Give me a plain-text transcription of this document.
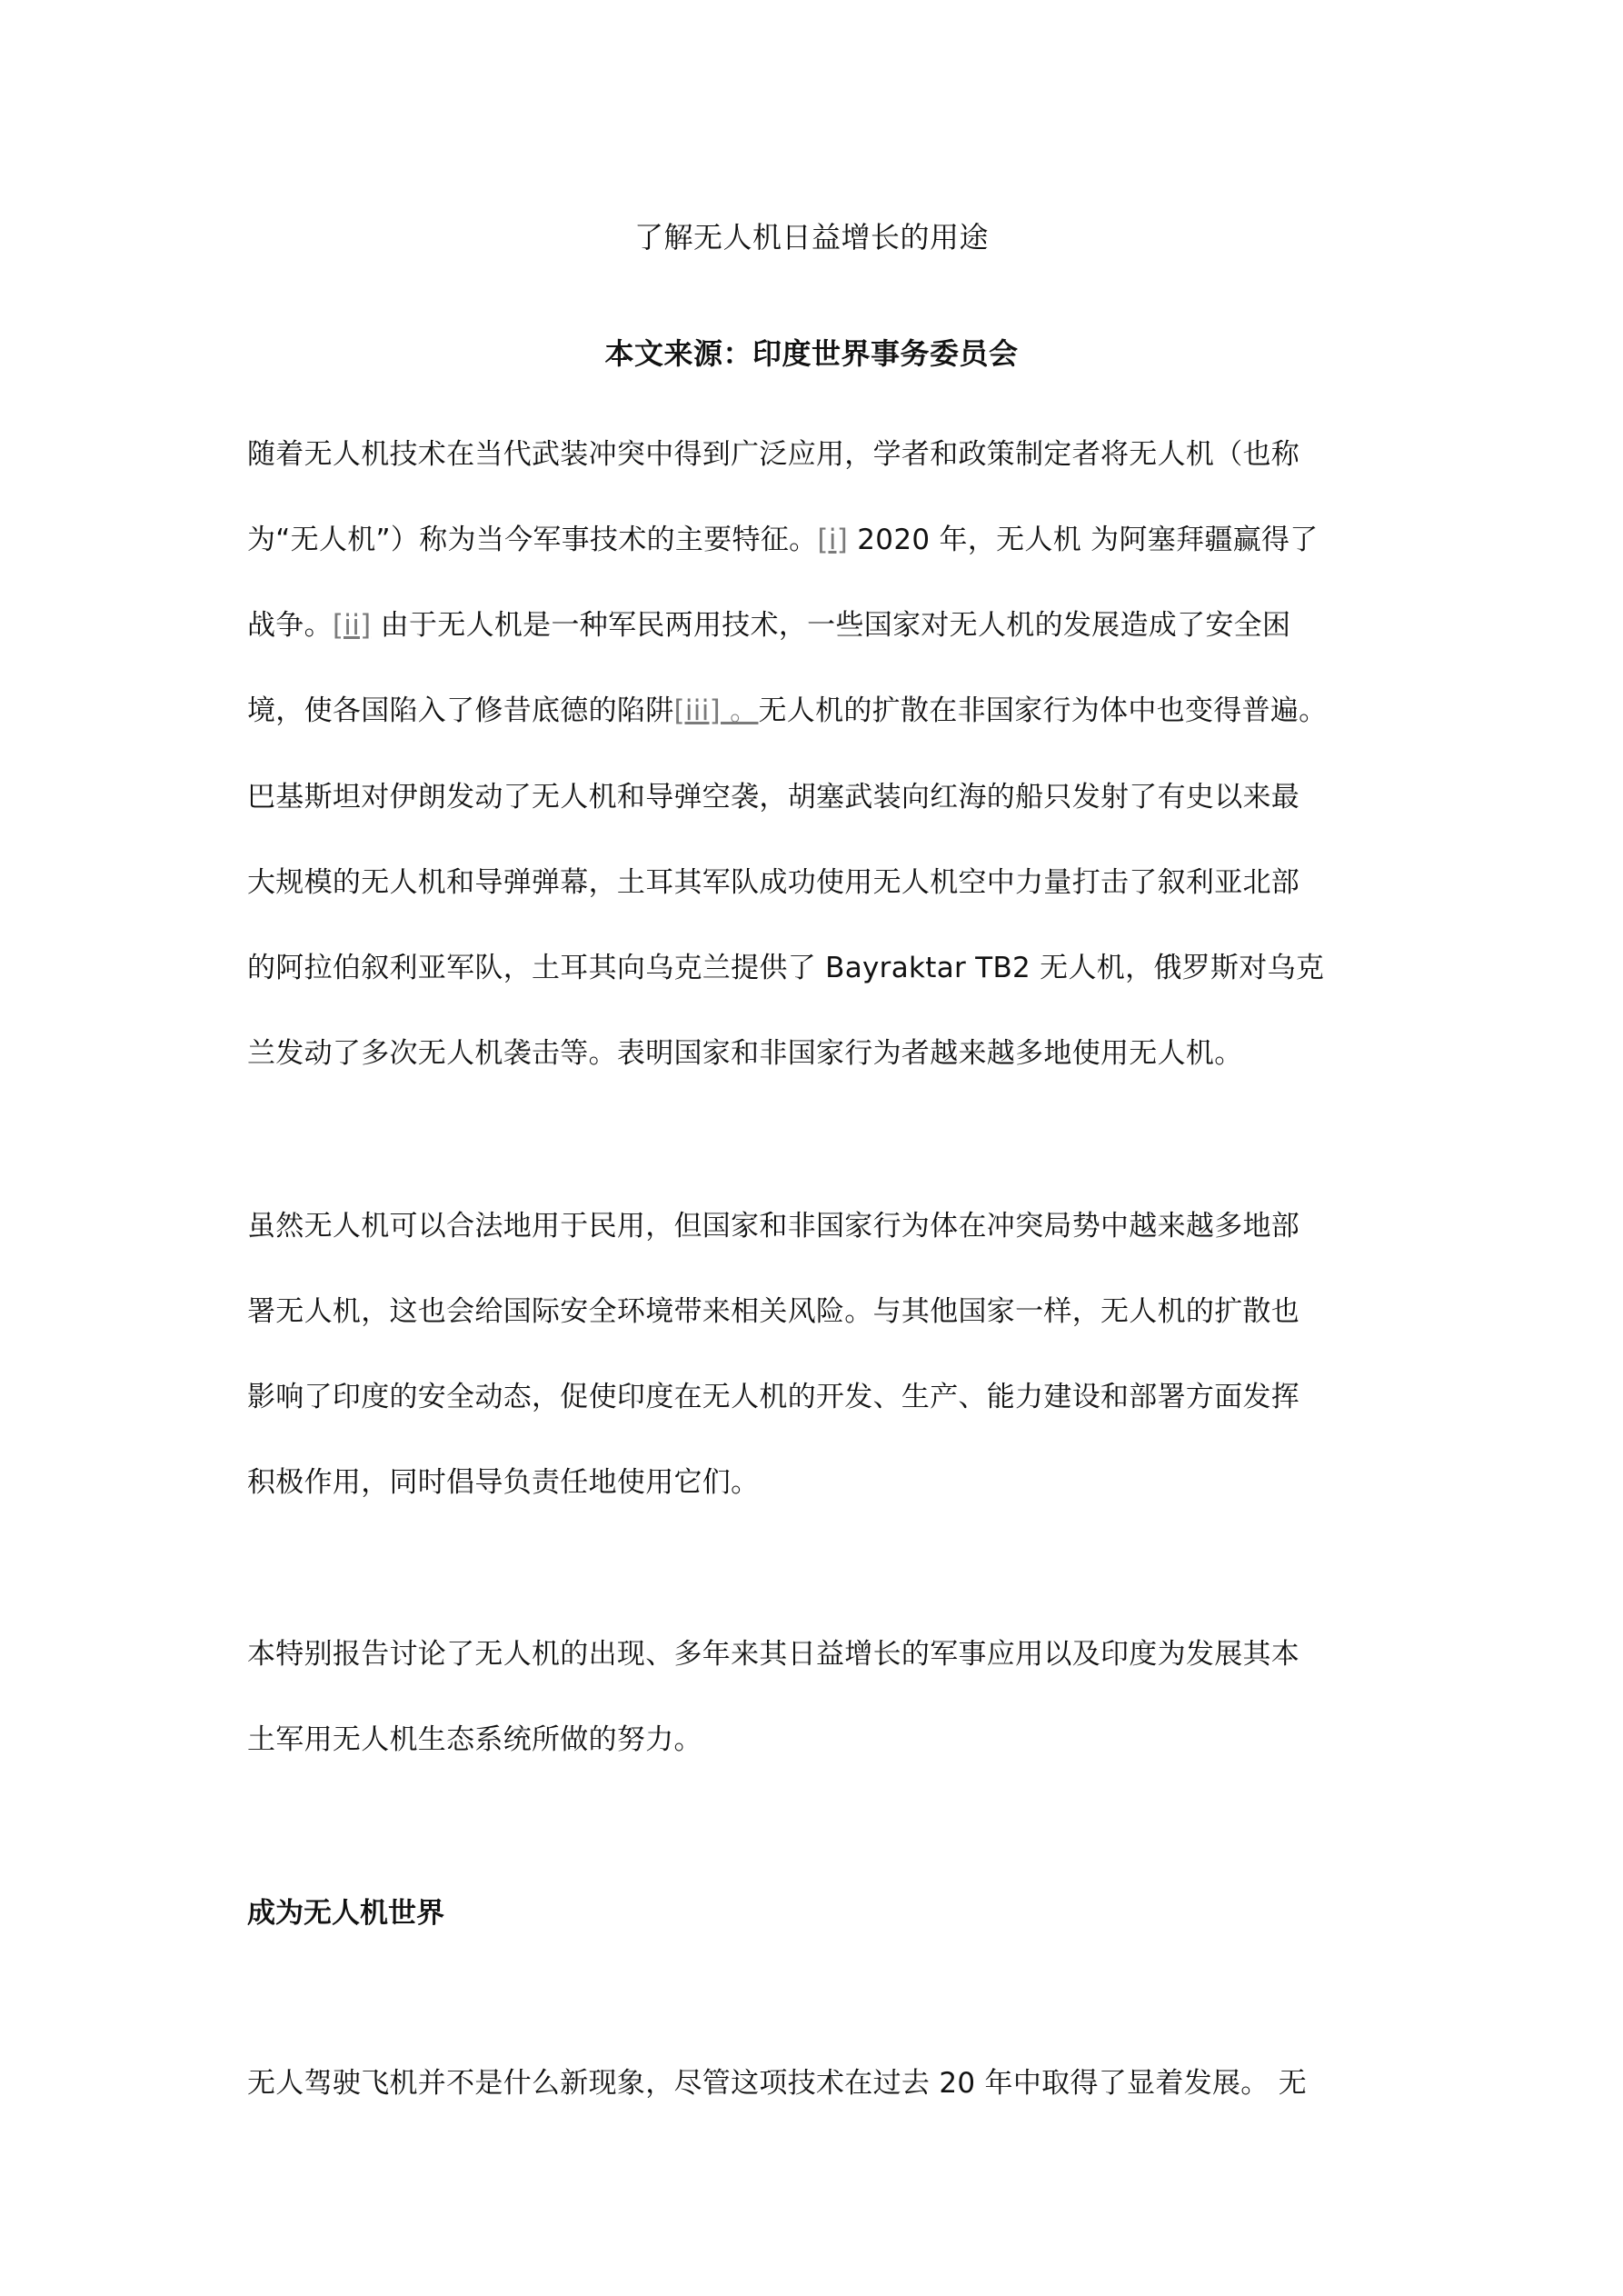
了解无人机日益增长的用途
本文来源：印度世界事务委员会
随着无人机技术在当代武装冲突中得到广泛应用，学者和政策制定者将无人机（也称
为“无人机”）称为当今军事技术的主要特征。[i] 2020 年，无人机 为阿塞拜疆赢得了
战争。[ii] 由于无人机是一种军民两用技术，一些国家对无人机的发展造成了安全困
境，使各国陷入了修昔底德的陷阱[iii] 。无人机的扩散在非国家行为体中也变得普遍。
巴基斯坦对伊朗发动了无人机和导弹空袭，胡塞武装向红海的船只发射了有史以来最
大规模的无人机和导弹弹幕，土耳其军队成功使用无人机空中力量打击了叙利亚北部
的阿拉伯叙利亚军队，土耳其向乌克兰提供了 Bayraktar TB2 无人机，俄罗斯对乌克
兰发动了多次无人机袭击等。表明国家和非国家行为者越来越多地使用无人机。
虽然无人机可以合法地用于民用，但国家和非国家行为体在冲突局势中越来越多地部
署无人机，这也会给国际安全环境带来相关风险。与其他国家一样，无人机的扩散也
影响了印度的安全动态，促使印度在无人机的开发、生产、能力建设和部署方面发挥
积极作用，同时倡导负责任地使用它们。
本特别报告讨论了无人机的出现、多年来其日益增长的军事应用以及印度为发展其本
土军用无人机生态系统所做的努力。
成为无人机世界
无人驾驶飞机并不是什么新现象，尽管这项技术在过去 20 年中取得了显着发展。 无
